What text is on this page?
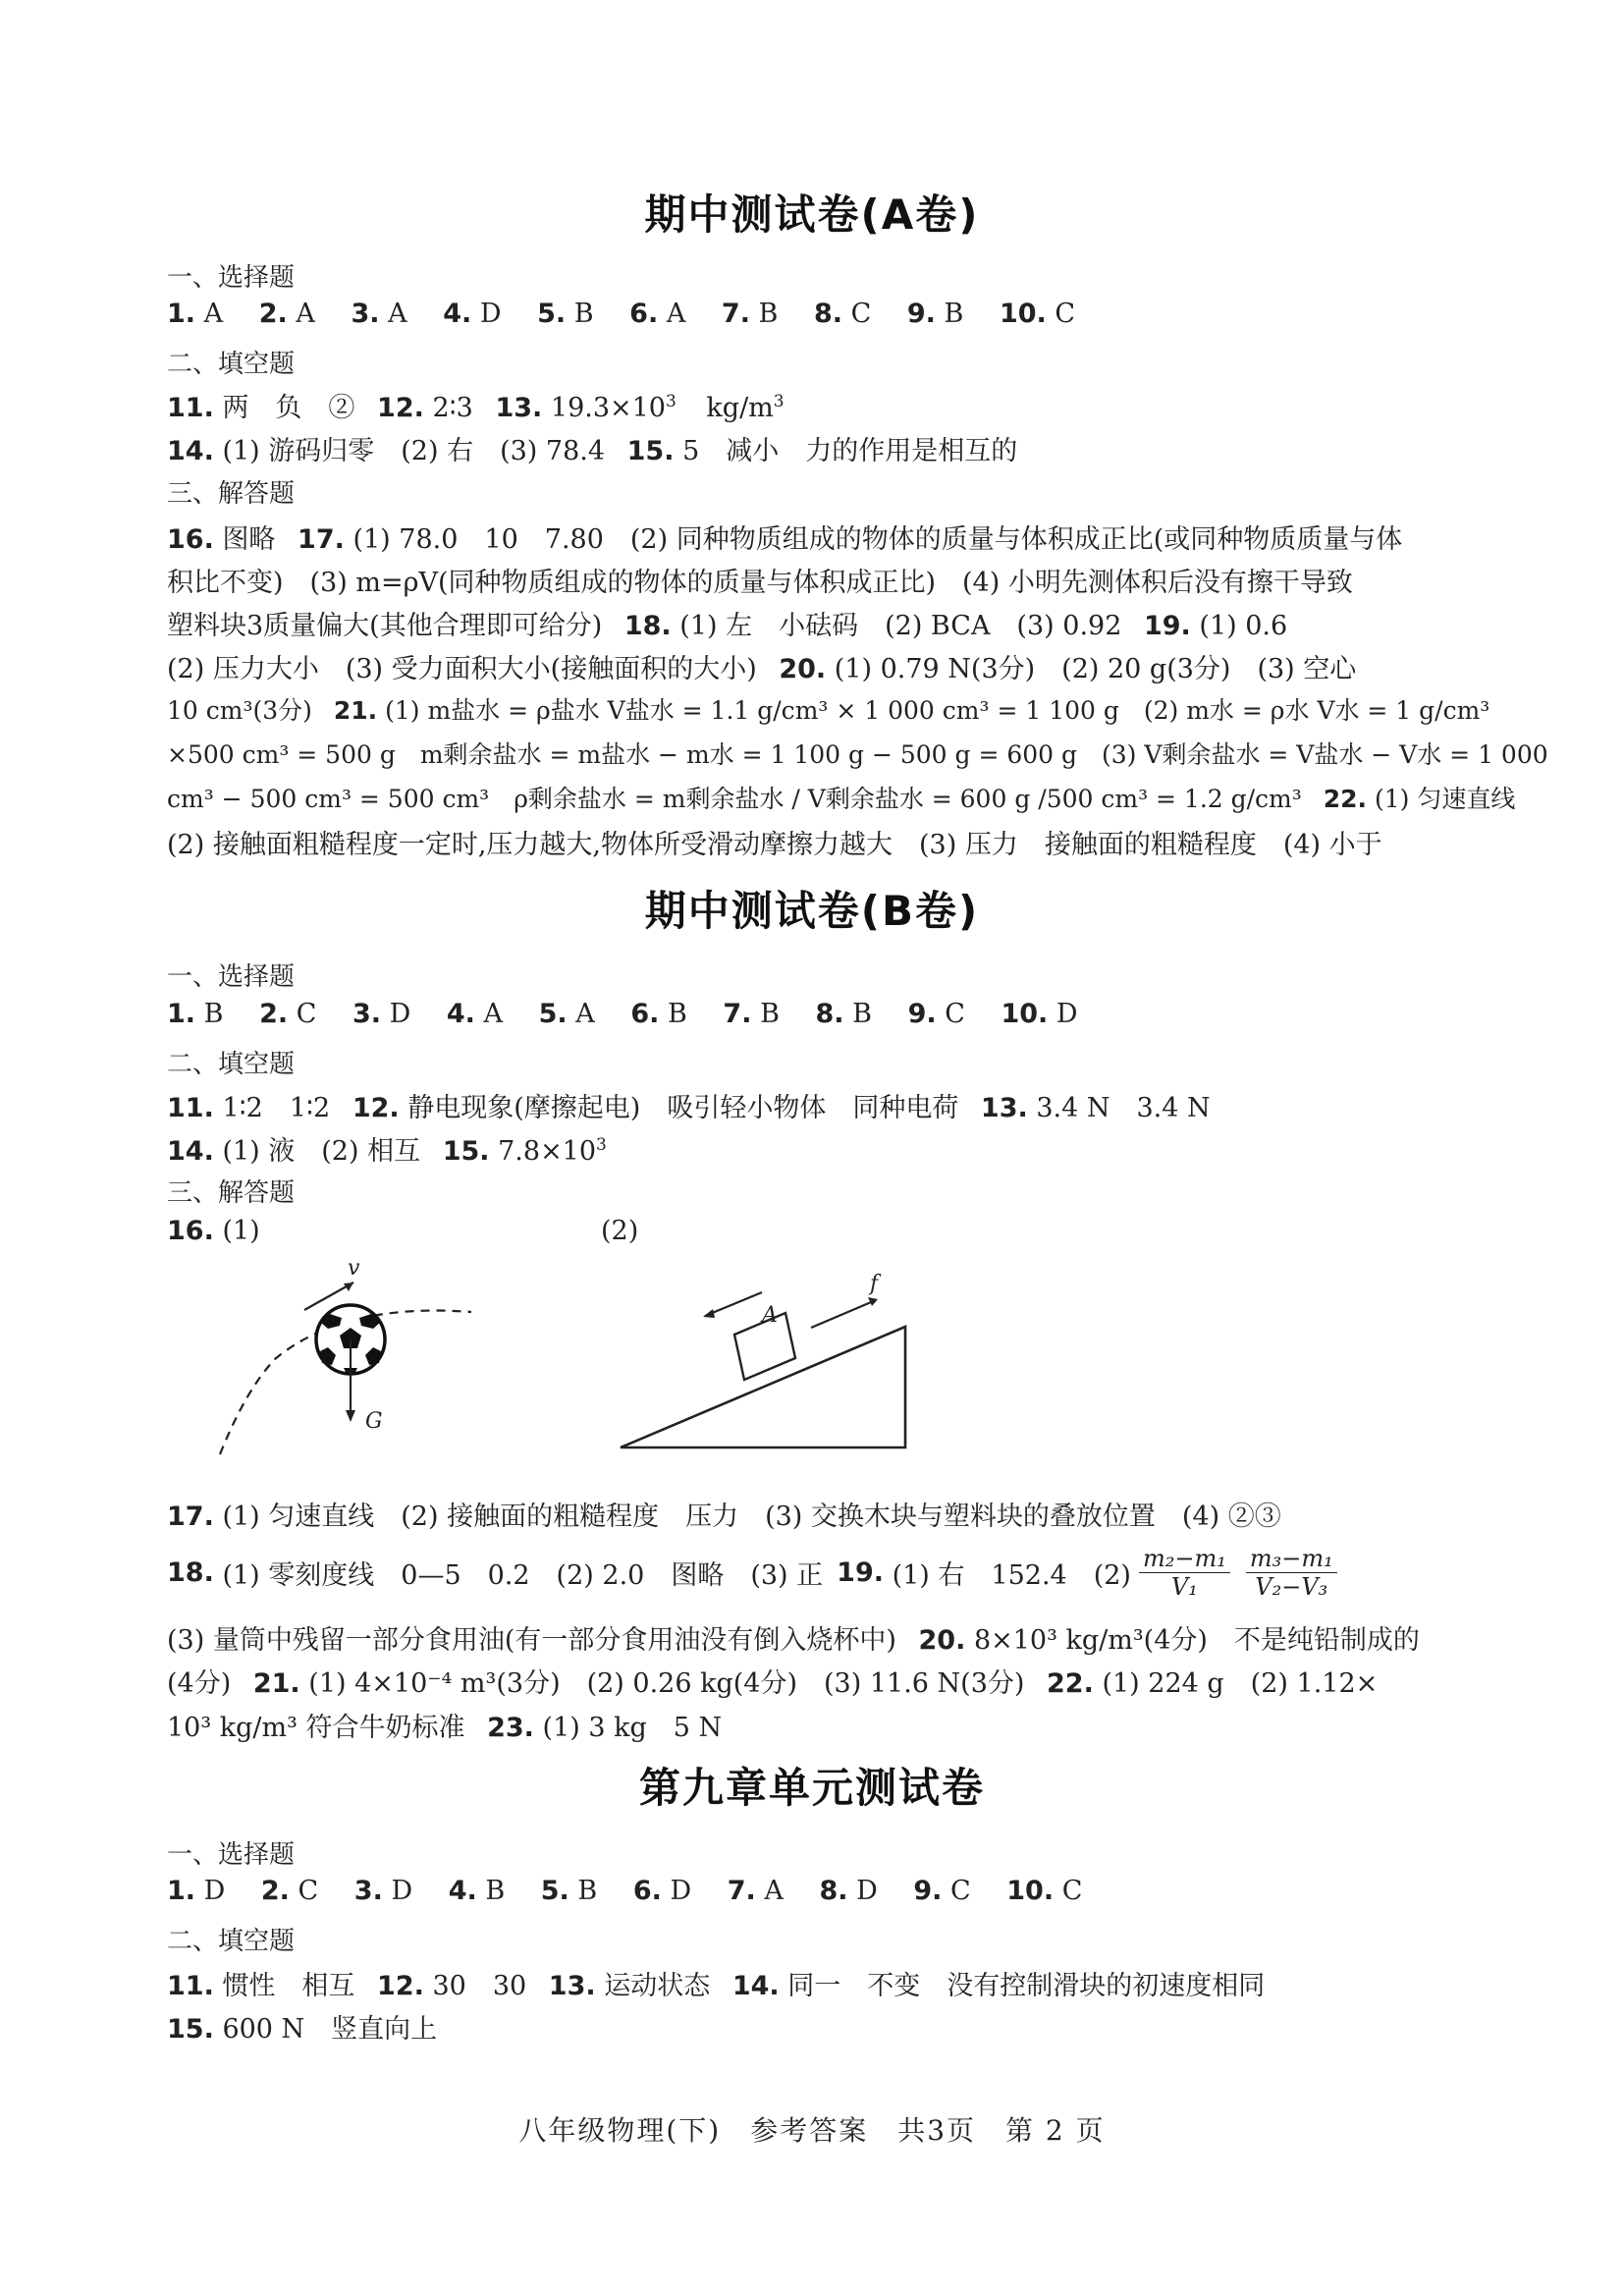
期中测试卷(A卷)
一、选择题
1. A 2. A 3. A 4. D 5. B 6. A 7. B 8. C 9. B 10. C
二、填空题
11. 两　负　② 12. 2∶3 13. $19.3\times 10^3$ $kg/m^3$
14. (1) 游码归零　(2) 右　(3) 78.4 15. 5　减小　力的作用是相互的
三、解答题
16. 图略 17. (1) 78.0　10　7.80　(2) 同种物质组成的物体的质量与体积成正比(或同种物质质量与体
积比不变)　(3) m=ρV(同种物质组成的物体的质量与体积成正比)　(4) 小明先测体积后没有擦干导致
塑料块3质量偏大(其他合理即可给分) 18. (1) 左　小砝码　(2) BCA　(3) 0.92 19. (1) 0.6
(2) 压力大小　(3) 受力面积大小(接触面积的大小) 20. (1) 0.79 N(3分)　(2) 20 g(3分)　(3) 空心
10 cm³(3分) 21. (1) m盐水 = ρ盐水 V盐水 = 1.1 g/cm³ × 1 000 cm³ = 1 100 g　(2) m水 = ρ水 V水 = 1 g/cm³
×500 cm³ = 500 g　m剩余盐水 = m盐水 − m水 = 1 100 g − 500 g = 600 g　(3) V剩余盐水 = V盐水 − V水 = 1 000
cm³ − 500 cm³ = 500 cm³　ρ剩余盐水 = m剩余盐水 / V剩余盐水 = 600 g /500 cm³ = 1.2 g/cm³ 22. (1) 匀速直线
(2) 接触面粗糙程度一定时,压力越大,物体所受滑动摩擦力越大　(3) 压力　接触面的粗糙程度　(4) 小于
期中测试卷(B卷)
一、选择题
1. B 2. C 3. D 4. A 5. A 6. B 7. B 8. B 9. C 10. D
二、填空题
11. 1∶2　1∶2 12. 静电现象(摩擦起电)　吸引轻小物体　同种电荷 13. 3.4 N　3.4 N
14. (1) 液　(2) 相互 15. $7.8\times 10^3$
三、解答题
16. (1)	(2)
v
G
A
f
17. (1) 匀速直线　(2) 接触面的粗糙程度　压力　(3) 交换木块与塑料块的叠放位置　(4) ②③
18.
(1) 零刻度线　0—5　0.2　(2) 2.0　图略　(3) 正 19.
(1) 右　152.4　$(2) \frac{\text{m₂−m₁}}{\text{V₁}} \frac{\text{m₃−m₁}}{\text{V₂−V₃}}$
(3) 量筒中残留一部分食用油(有一部分食用油没有倒入烧杯中) 20. 8×10³ kg/m³(4分)　不是纯铅制成的
(4分) 21. (1) 4×10⁻⁴ m³(3分)　(2) 0.26 kg(4分)　(3) 11.6 N(3分) 22. (1) 224 g　(2) 1.12×
10³ kg/m³ 符合牛奶标准 23. (1) 3 kg　5 N
第九章单元测试卷
一、选择题
1. D 2. C 3. D 4. B 5. B 6. D 7. A 8. D 9. C 10. C
二、填空题
11. 惯性　相互 12. 30　30 13. 运动状态 14. 同一　不变　没有控制滑块的初速度相同
15. 600 N　竖直向上
八年级物理(下)　参考答案　共3页　第 2 页
